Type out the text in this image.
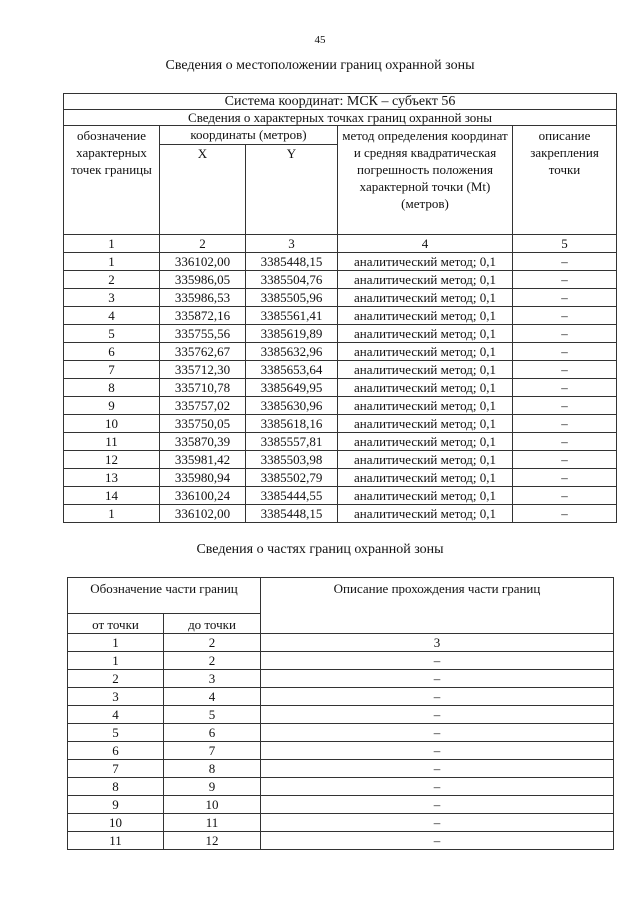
45
Сведения о местоположении границ охранной зоны
Система координат: МСК – субъект 56				
Сведения о характерных точках границ охранной зоны				
обозначение характерных точек границы	координаты (метров)		метод определения координат и средняя квадратическая погрешность положения характерной точки (Mt) (метров)	описание закрепления точки
	X	Y		
1	2	3	4	5
1	336102,00	3385448,15	аналитический метод; 0,1	–
2	335986,05	3385504,76	аналитический метод; 0,1	–
3	335986,53	3385505,96	аналитический метод; 0,1	–
4	335872,16	3385561,41	аналитический метод; 0,1	–
5	335755,56	3385619,89	аналитический метод; 0,1	–
6	335762,67	3385632,96	аналитический метод; 0,1	–
7	335712,30	3385653,64	аналитический метод; 0,1	–
8	335710,78	3385649,95	аналитический метод; 0,1	–
9	335757,02	3385630,96	аналитический метод; 0,1	–
10	335750,05	3385618,16	аналитический метод; 0,1	–
11	335870,39	3385557,81	аналитический метод; 0,1	–
12	335981,42	3385503,98	аналитический метод; 0,1	–
13	335980,94	3385502,79	аналитический метод; 0,1	–
14	336100,24	3385444,55	аналитический метод; 0,1	–
1	336102,00	3385448,15	аналитический метод; 0,1	–
Сведения о частях границ охранной зоны
Обозначение части границ		Описание прохождения части границ
от точки	до точки	
1	2	3
1	2	–
2	3	–
3	4	–
4	5	–
5	6	–
6	7	–
7	8	–
8	9	–
9	10	–
10	11	–
11	12	–
